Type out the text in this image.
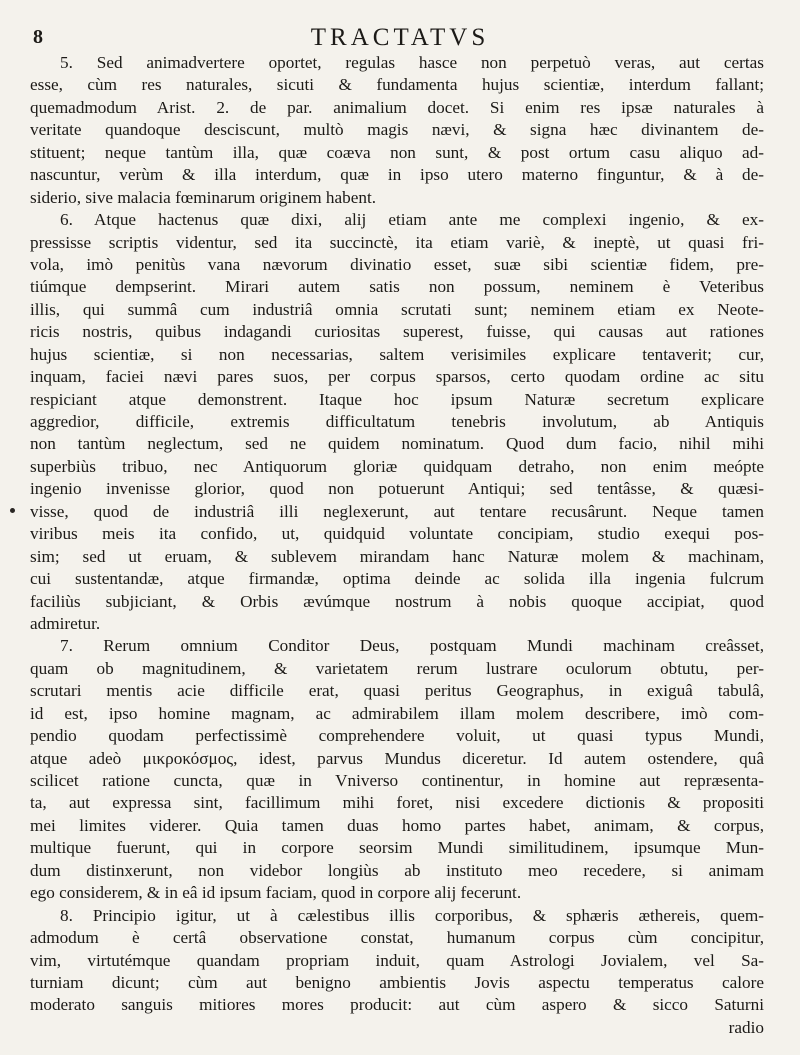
8	TRACTATVS
5. Sed animadvertere oportet, regulas hasce non perpetuò veras, aut certas
esse, cùm res naturales, sicuti & fundamenta hujus scientiæ, interdum fallant;
quemadmodum Arist. 2. de par. animalium docet. Si enim res ipsæ naturales à
veritate quandoque desciscunt, multò magis nævi, & signa hæc divinantem de-
stituent; neque tantùm illa, quæ coæva non sunt, & post ortum casu aliquo ad-
nascuntur, verùm & illa interdum, quæ in ipso utero materno finguntur, & à de-
siderio, sive malacia fœminarum originem habent.
6. Atque hactenus quæ dixi, alij etiam ante me complexi ingenio, & ex-
pressisse scriptis videntur, sed ita succinctè, ita etiam variè, & ineptè, ut quasi fri-
vola, imò penitùs vana nævorum divinatio esset, suæ sibi scientiæ fidem, pre-
tiúmque dempserint. Mirari autem satis non possum, neminem è Veteribus
illis, qui summâ cum industriâ omnia scrutati sunt; neminem etiam ex Neote-
ricis nostris, quibus indagandi curiositas superest, fuisse, qui causas aut rationes
hujus scientiæ, si non necessarias, saltem verisimiles explicare tentaverit; cur,
inquam, faciei nævi pares suos, per corpus sparsos, certo quodam ordine ac situ
respiciant atque demonstrent. Itaque hoc ipsum Naturæ secretum explicare
aggredior, difficile, extremis difficultatum tenebris involutum, ab Antiquis
non tantùm neglectum, sed ne quidem nominatum. Quod dum facio, nihil mihi
superbiùs tribuo, nec Antiquorum gloriæ quidquam detraho, non enim meópte
ingenio invenisse glorior, quod non potuerunt Antiqui; sed tentâsse, & quæsi-
visse, quod de industriâ illi neglexerunt, aut tentare recusârunt. Neque tamen
viribus meis ita confido, ut, quidquid voluntate concipiam, studio exequi pos-
sim; sed ut eruam, & sublevem mirandam hanc Naturæ molem & machinam,
cui sustentandæ, atque firmandæ, optima deinde ac solida illa ingenia fulcrum
faciliùs subjiciant, & Orbis ævúmque nostrum à nobis quoque accipiat, quod
admiretur.
7. Rerum omnium Conditor Deus, postquam Mundi machinam creâsset,
quam ob magnitudinem, & varietatem rerum lustrare oculorum obtutu, per-
scrutari mentis acie difficile erat, quasi peritus Geographus, in exiguâ tabulâ,
id est, ipso homine magnam, ac admirabilem illam molem describere, imò com-
pendio quodam perfectissimè comprehendere voluit, ut quasi typus Mundi,
atque adeò μικροκόσμος, idest, parvus Mundus diceretur. Id autem ostendere, quâ
scilicet ratione cuncta, quæ in Vniverso continentur, in homine aut repræsenta-
ta, aut expressa sint, facillimum mihi foret, nisi excedere dictionis & propositi
mei limites viderer. Quia tamen duas homo partes habet, animam, & corpus,
multique fuerunt, qui in corpore seorsim Mundi similitudinem, ipsumque Mun-
dum distinxerunt, non videbor longiùs ab instituto meo recedere, si animam
ego considerem, & in eâ id ipsum faciam, quod in corpore alij fecerunt.
8. Principio igitur, ut à cælestibus illis corporibus, & sphæris æthereis, quem-
admodum è certâ observatione constat, humanum corpus cùm concipitur,
vim, virtutémque quandam propriam induit, quam Astrologi Jovialem, vel Sa-
turniam dicunt; cùm aut benigno ambientis Jovis aspectu temperatus calore
moderato sanguis mitiores mores producit: aut cùm aspero & sicco Saturni
radio
